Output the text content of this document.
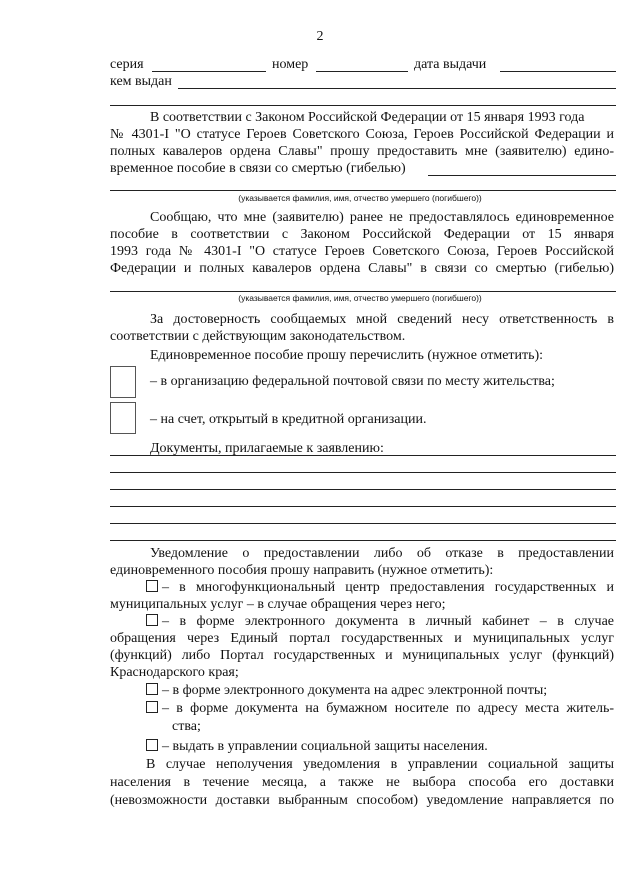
2
серия	номер	дата выдачи
кем выдан
В соответствии с Законом Российской Федерации от 15 января 1993 года
№ 4301-I "О статусе Героев Советского Союза, Героев Российской Федерации и
полных кавалеров ордена Славы" прошу предоставить мне (заявителю) едино-
временное пособие в связи со смертью (гибелью)
(указывается фамилия, имя, отчество умершего (погибшего))
Сообщаю, что мне (заявителю) ранее не предоставлялось единовременное
пособие в соответствии с Законом Российской Федерации от 15 января
1993 года № 4301-I "О статусе Героев Советского Союза, Героев Российской
Федерации и полных кавалеров ордена Славы" в связи со смертью (гибелью)
(указывается фамилия, имя, отчество умершего (погибшего))
За достоверность сообщаемых мной сведений несу ответственность в
соответствии с действующим законодательством.
Единовременное пособие прошу перечислить (нужное отметить):
– в организацию федеральной почтовой связи по месту жительства;
– на счет, открытый в кредитной организации.
Документы, прилагаемые к заявлению:
Уведомление о предоставлении либо об отказе в предоставлении
единовременного пособия прошу направить (нужное отметить):
– в многофункциональный центр предоставления государственных и
муниципальных услуг – в случае обращения через него;
– в форме электронного документа в личный кабинет – в случае
обращения через Единый портал государственных и муниципальных услуг
(функций) либо Портал государственных и муниципальных услуг (функций)
Краснодарского края;
– в форме электронного документа на адрес электронной почты;
– в форме документа на бумажном носителе по адресу места житель-
ства;
– выдать в управлении социальной защиты населения.
В случае неполучения уведомления в управлении социальной защиты
населения в течение месяца, а также не выбора способа его доставки
(невозможности доставки выбранным способом) уведомление направляется по
